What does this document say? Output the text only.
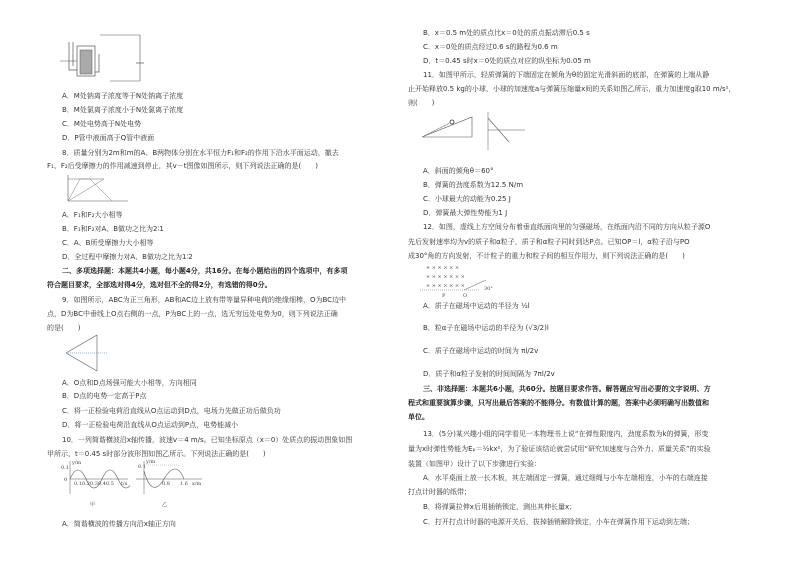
A．M处钠离子浓度等于N处钠离子浓度
B．M处氯离子浓度小于N处氯离子浓度
C．M处电势高于N处电势
D．P管中液面高于Q管中液面
8．质量分别为2m和m的A、B两物体分别在水平恒力F₁和F₂的作用下沿水平面运动，撤去
F₁、F₂后受摩擦力的作用减速到停止，其v－t图像如图所示，则下列说法正确的是(　　)
A．F₁和F₂大小相等
B．F₁和F₂对A、B做功之比为2∶1
C．A、B所受摩擦力大小相等
D．全过程中摩擦力对A、B做功之比为1∶2
二、多项选择题：本题共4小题，每小题4分，共16分。在每小题给出的四个选项中，有多项
符合题目要求，全部选对得4分，选对但不全的得2分，有选错的得0分。
9．如图所示，ABC为正三角形，AB和AC边上放有带等量异种电荷的绝缘细棒，O为BC边中
点，D为BC中垂线上O点右侧的一点，P为BC上的一点，选无穷远处电势为0，则下列说法正确
的是(　　)
A．O点和D点场强可能大小相等，方向相同
B．D点的电势一定高于P点
C．将一正检验电荷沿直线从O点运动到D点，电场力先做正功后做负功
D．将一正检验电荷沿直线从O点运动到P点，电势能减小
10．一列简谐横波沿x轴传播，波速v＝4 m/s。已知坐标原点（x＝0）处质点的振动图象如图
甲所示，t＝0.45 s时部分波形图如图乙所示。下列说法正确的是(　　)
0.1
0
y/m
t/s
0.1 0.2 0.3 0.4 0.5
甲
0.1
y/m
0.8 1.6 x/m
乙
A．简谐横波的传播方向沿x轴正方向
B．x＝0.5 m处的质点比x＝0处的质点振动滞后0.5 s
C．x＝0处的质点经过0.6 s的路程为0.6 m
D．t＝0.45 s时x＝0处的质点对应的纵坐标为0.05 m
11．如图甲所示，轻质弹簧的下端固定在倾角为θ的固定光滑斜面的底部，在弹簧的上端从静
止开始释放0.5 kg的小球，小球的加速度a与弹簧压缩量x间的关系如图乙所示，重力加速度g取10 m/s²，
则(　　)
A．斜面的倾角θ＝60°
B．弹簧的劲度系数为12.5 N/m
C．小球最大的动能为0.25 J
D．弹簧最大弹性势能为1 J
12．如图，虚线上方空间分布着垂直纸面向里的匀强磁场，在纸面内沿不同的方向从粒子源O
先后发射速率均为v的质子和α粒子，质子和α粒子同时到达P点。已知OP＝l，α粒子沿与PO
成30°角的方向发射，不计粒子的重力和粒子间的相互作用力，则下列说法正确的是(　　)
× × × × × ×
× × × × × × ×
× × × × × × ×	30°
P	O
A．质子在磁场中运动的半径为 ½l
B．粒α子在磁场中运动的半径为 (√3/2)l
C．质子在磁场中运动的时间为 πl/2v
D．质子和α粒子发射的时间间隔为 7πl/2v
三、非选择题：本题共6小题，共60分。按题目要求作答。解答题应写出必要的文字说明、方
程式和重要演算步骤，只写出最后答案的不能得分。有数值计算的题，答案中必须明确写出数值和
单位。
13．(5分)某兴趣小组的同学看见一本物理书上说“在弹性限度内，劲度系数为k的弹簧，形变
量为x时弹性势能为Eₚ＝½kx²，为了验证该结论就尝试用“研究加速度与合外力、质量关系”的实验
装置（如图甲）设计了以下步骤进行实验：
A．水平桌面上放一长木板，其左端固定一弹簧，通过细绳与小车左端相连，小车的右端连接
打点计时器的纸带；
B．将弹簧拉伸x后用插销锁定，测出其伸长量x；
C．打开打点计时器的电源开关后，拔掉插销解除锁定，小车在弹簧作用下运动到左端；
